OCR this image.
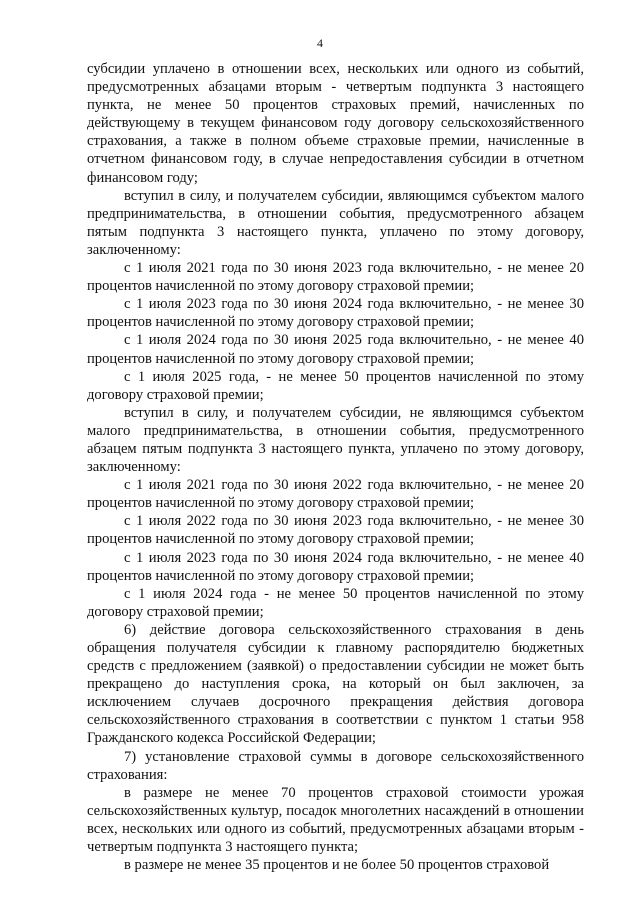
4

субсидии уплачено в отношении всех, нескольких или одного из событий, предусмотренных абзацами вторым - четвертым подпункта 3 настоящего пункта, не менее 50 процентов страховых премий, начисленных по действующему в текущем финансовом году договору сельскохозяйственного страхования, а также в полном объеме страховые премии, начисленные в отчетном финансовом году, в случае непредоставления субсидии в отчетном финансовом году;

вступил в силу, и получателем субсидии, являющимся субъектом малого предпринимательства, в отношении события, предусмотренного абзацем пятым подпункта 3 настоящего пункта, уплачено по этому договору, заключенному:

с 1 июля 2021 года по 30 июня 2023 года включительно, - не менее 20 процентов начисленной по этому договору страховой премии;

с 1 июля 2023 года по 30 июня 2024 года включительно, - не менее 30 процентов начисленной по этому договору страховой премии;

с 1 июля 2024 года по 30 июня 2025 года включительно, - не менее 40 процентов начисленной по этому договору страховой премии;

с 1 июля 2025 года, - не менее 50 процентов начисленной по этому договору страховой премии;

вступил в силу, и получателем субсидии, не являющимся субъектом малого предпринимательства, в отношении события, предусмотренного абзацем пятым подпункта 3 настоящего пункта, уплачено по этому договору, заключенному:

с 1 июля 2021 года по 30 июня 2022 года включительно, - не менее 20 процентов начисленной по этому договору страховой премии;

с 1 июля 2022 года по 30 июня 2023 года включительно, - не менее 30 процентов начисленной по этому договору страховой премии;

с 1 июля 2023 года по 30 июня 2024 года включительно, - не менее 40 процентов начисленной по этому договору страховой премии;

с 1 июля 2024 года - не менее 50 процентов начисленной по этому договору страховой премии;

6) действие договора сельскохозяйственного страхования в день обращения получателя субсидии к главному распорядителю бюджетных средств с предложением (заявкой) о предоставлении субсидии не может быть прекращено до наступления срока, на который он был заключен, за исключением случаев досрочного прекращения действия договора сельскохозяйственного страхования в соответствии с пунктом 1 статьи 958 Гражданского кодекса Российской Федерации;

7) установление страховой суммы в договоре сельскохозяйственного страхования:

в размере не менее 70 процентов страховой стоимости урожая сельскохозяйственных культур, посадок многолетних насаждений в отношении всех, нескольких или одного из событий, предусмотренных абзацами вторым - четвертым подпункта 3 настоящего пункта;

в размере не менее 35 процентов и не более 50 процентов страховой
